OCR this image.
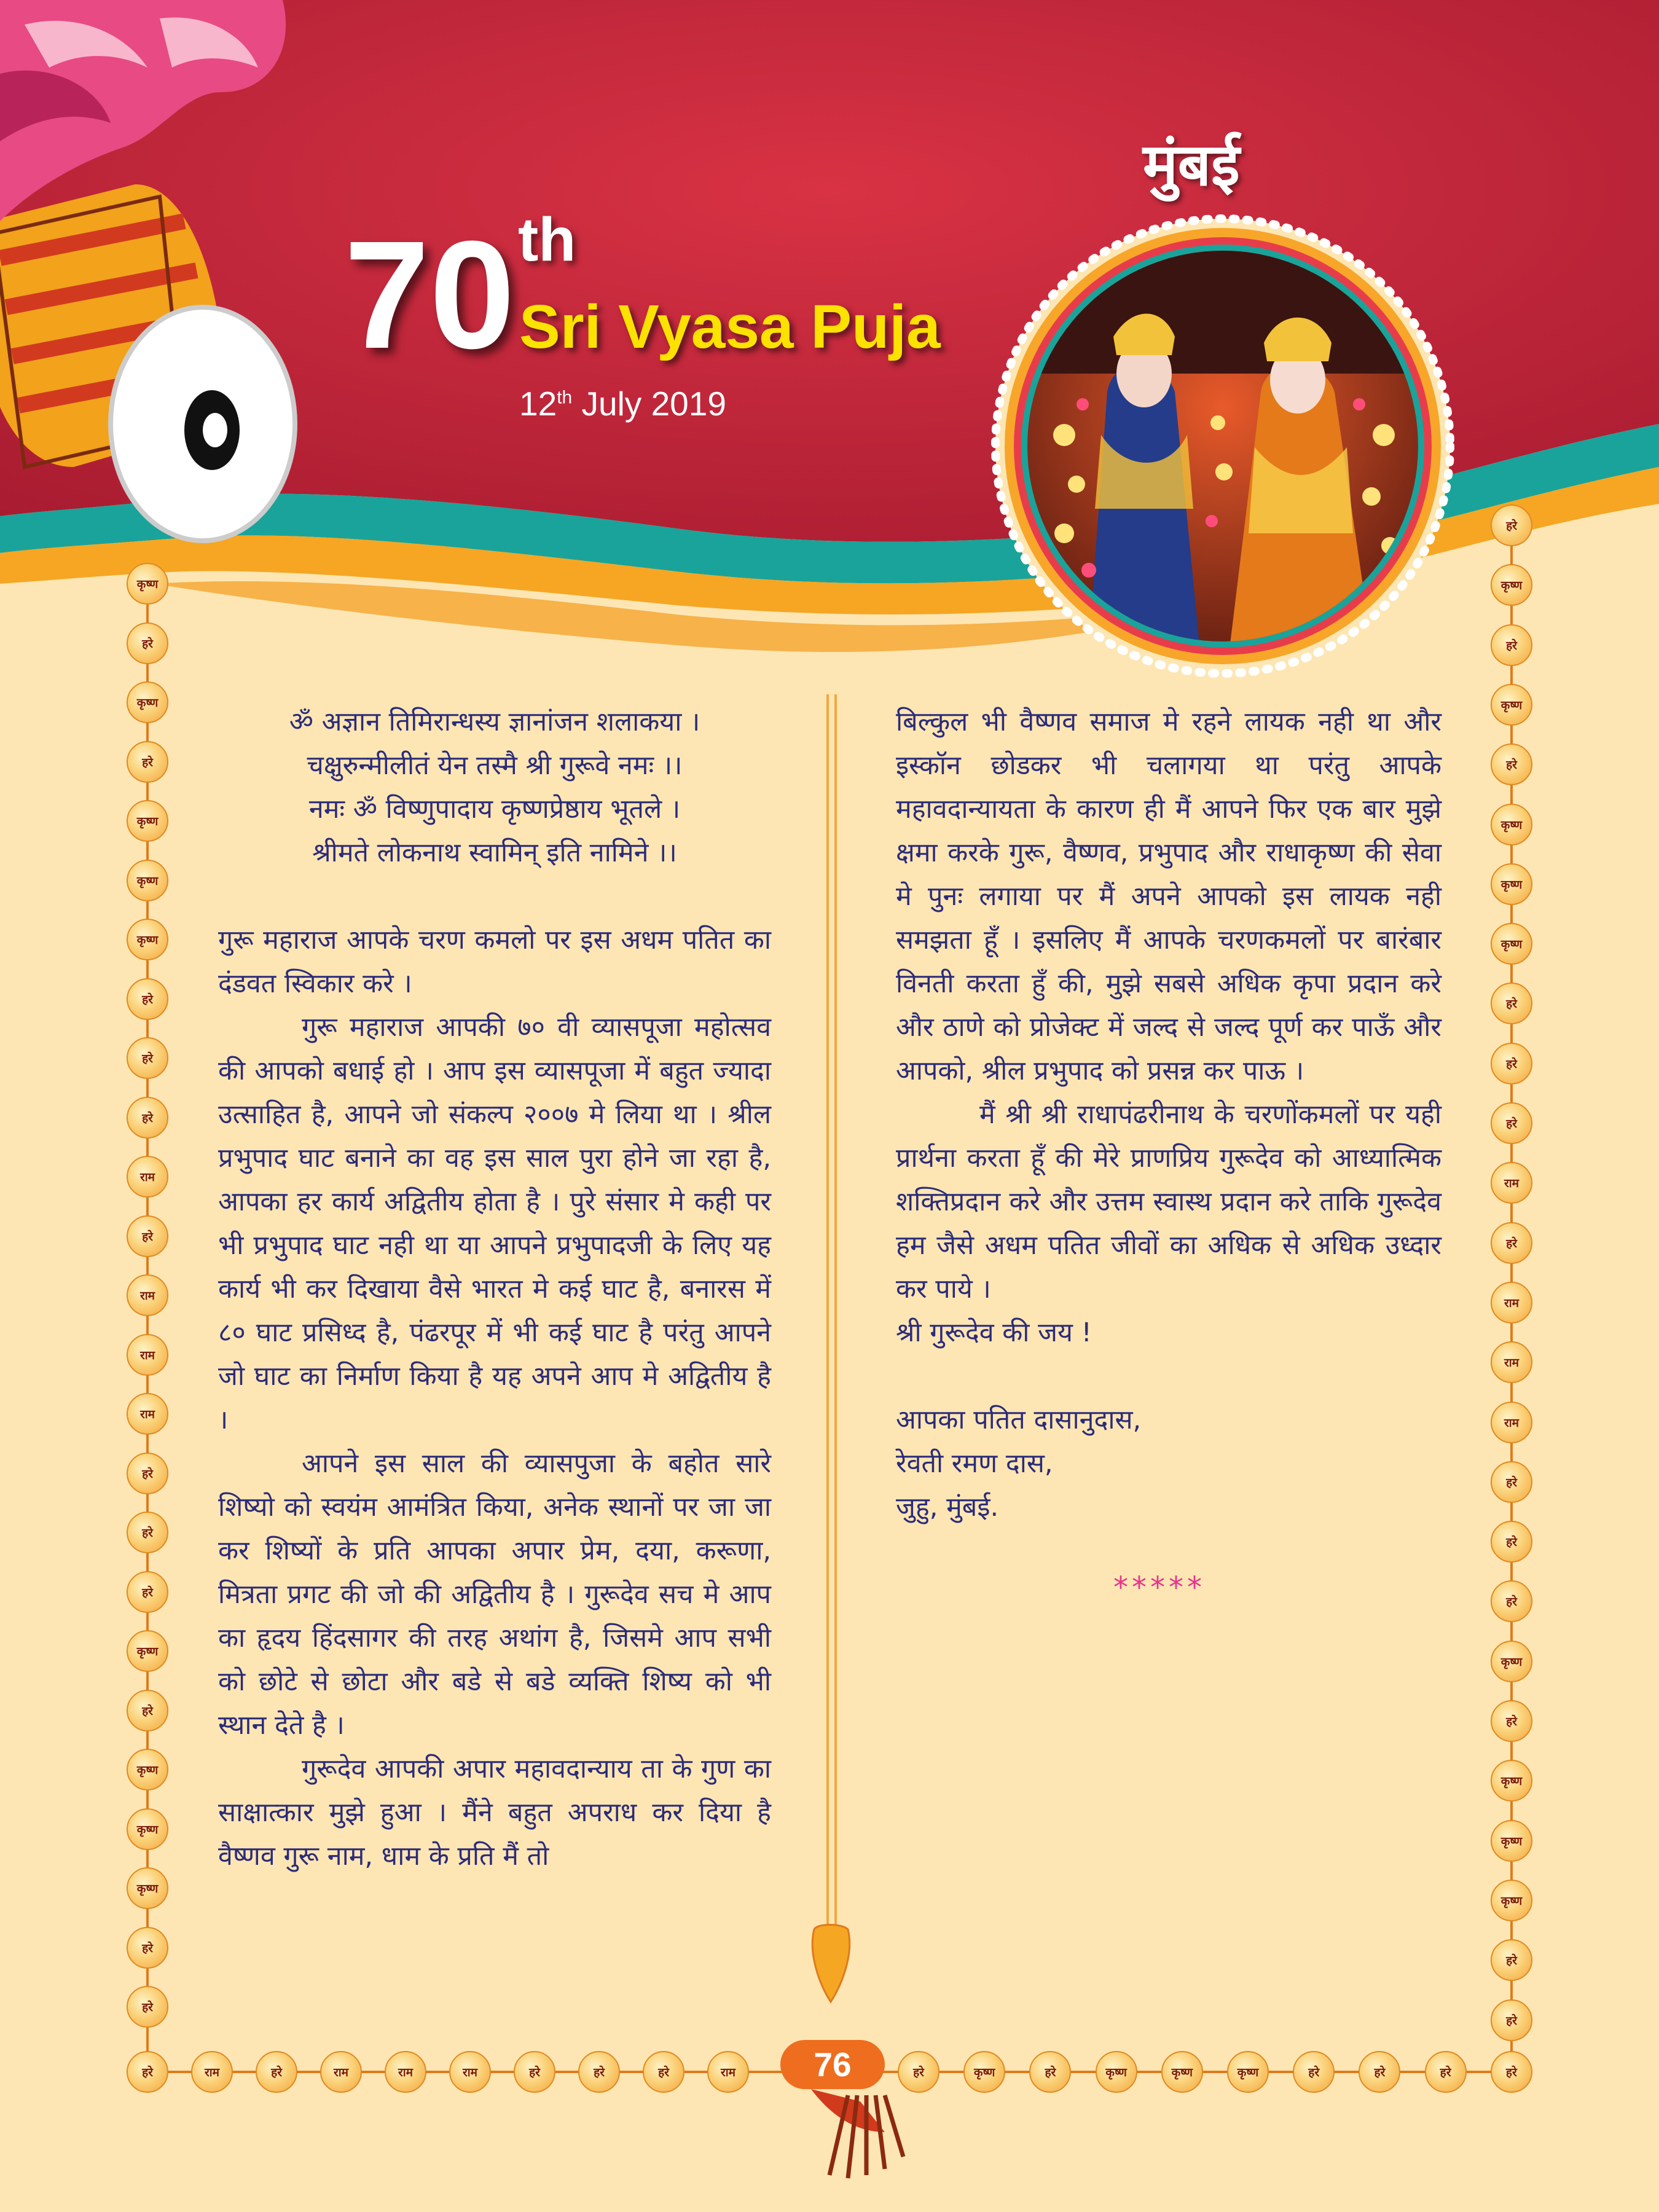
70 th
Sri Vyasa Puja
12th July 2019
मुंबई

ॐ अज्ञान तिमिरान्धस्य ज्ञानांजन शलाकया ।

चक्षुरुन्मीलीतं येन तस्मै श्री गुरूवे नमः ।।

नमः ॐ विष्णुपादाय कृष्णप्रेष्ठाय भूतले ।

श्रीमते लोकनाथ स्वामिन् इति नामिने ।।

गुरू महाराज आपके चरण कमलो पर इस अधम पतित का दंडवत स्विकार करे ।

गुरू महाराज आपकी ७० वी व्यासपूजा महोत्सव की आपको बधाई हो । आप इस व्यासपूजा में बहुत ज्यादा उत्साहित है, आपने जो संकल्प २००७ मे लिया था । श्रील प्रभुपाद घाट बनाने का वह इस साल पुरा होने जा रहा है, आपका हर कार्य अद्वितीय होता है । पुरे संसार मे कही पर भी प्रभुपाद घाट नही था या आपने प्रभुपादजी के लिए यह कार्य भी कर दिखाया वैसे भारत मे कई घाट है, बनारस में ८० घाट प्रसिध्द है, पंढरपूर में भी कई घाट है परंतु आपने जो घाट का निर्माण किया है यह अपने आप मे अद्वितीय है ।

आपने इस साल की व्यासपुजा के बहोत सारे शिष्यो को स्वयंम आमंत्रित किया, अनेक स्थानों पर जा जा कर शिष्यों के प्रति आपका अपार प्रेम, दया, करूणा, मित्रता प्रगट की जो की अद्वितीय है । गुरूदेव सच मे आप का हृदय हिंदसागर की तरह अथांग है, जिसमे आप सभी को छोटे से छोटा और बडे से बडे व्यक्ति शिष्य को भी स्थान देते है ।

गुरूदेव आपकी अपार महावदान्याय ता के गुण का साक्षात्कार मुझे हुआ । मैंने बहुत अपराध कर दिया है वैष्णव गुरू नाम, धाम के प्रति मैं तो

बिल्कुल भी वैष्णव समाज मे रहने लायक नही था और इस्कॉन छोडकर भी चलागया था परंतु आपके महावदान्यायता के कारण ही मैं आपने फिर एक बार मुझे क्षमा करके गुरू, वैष्णव, प्रभुपाद और राधाकृष्ण की सेवा मे पुनः लगाया पर मैं अपने आपको इस लायक नही समझता हूँ । इसलिए मैं आपके चरणकमलों पर बारंबार विनती करता हुँ की, मुझे सबसे अधिक कृपा प्रदान करे और ठाणे को प्रोजेक्ट में जल्द से जल्द पूर्ण कर पाऊँ और आपको, श्रील प्रभुपाद को प्रसन्न कर पाऊ ।

मैं श्री श्री राधापंढरीनाथ के चरणोंकमलों पर यही प्रार्थना करता हूँ की मेरे प्राणप्रिय गुरूदेव को आध्यात्मिक शक्तिप्रदान करे और उत्तम स्वास्थ प्रदान करे ताकि गुरूदेव हम जैसे अधम पतित जीवों का अधिक से अधिक उध्दार कर पाये ।

श्री गुरूदेव की जय !

आपका पतित दासानुदास,

रेवती रमण दास,

जुहु, मुंबई.

*****
कृष्ण
हरे
कृष्ण
हरे
कृष्ण
कृष्ण
कृष्ण
हरे
हरे
हरे
राम
हरे
राम
राम
राम
हरे
हरे
हरे
कृष्ण
हरे
कृष्ण
कृष्ण
कृष्ण
हरे
हरे
हरे
कृष्ण
हरे
कृष्ण
हरे
कृष्ण
कृष्ण
कृष्ण
हरे
हरे
हरे
राम
हरे
राम
राम
राम
हरे
हरे
हरे
कृष्ण
हरे
कृष्ण
कृष्ण
कृष्ण
हरे
हरे
हरे	राम	हरे	राम	राम	राम	हरे	हरे	हरे	राम	हरे	कृष्ण	हरे	कृष्ण	कृष्ण	कृष्ण	हरे	हरे	हरे	हरे
76
